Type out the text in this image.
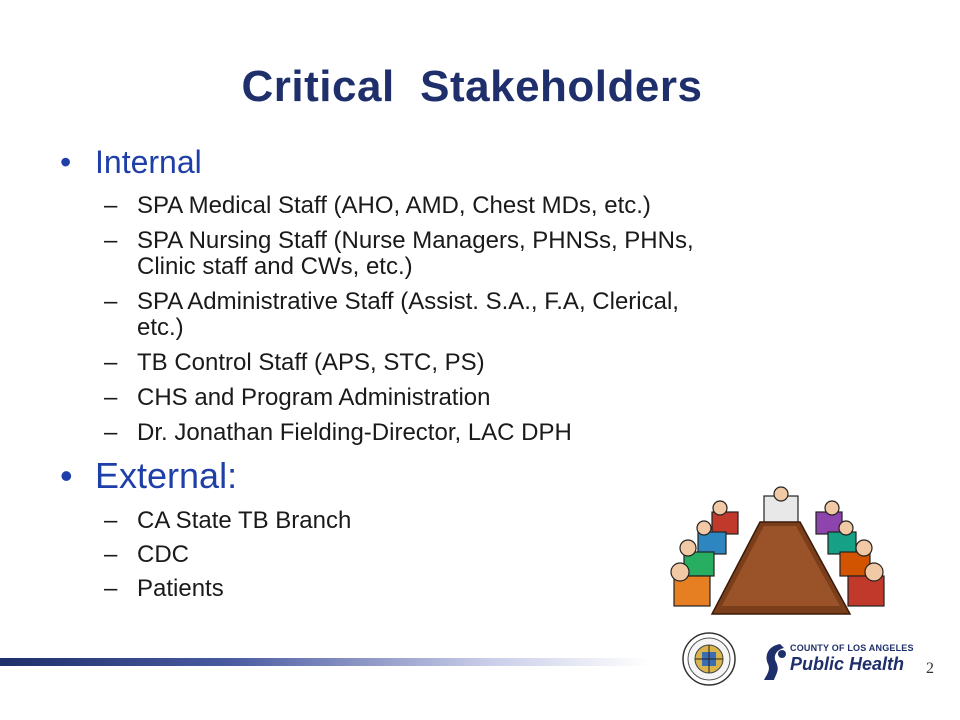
Critical  Stakeholders
• Internal
– SPA Medical Staff (AHO, AMD, Chest MDs, etc.)
– SPA Nursing Staff (Nurse Managers, PHNSs, PHNs,
Clinic staff and CWs, etc.)
– SPA Administrative Staff (Assist. S.A., F.A, Clerical,
etc.)
– TB Control Staff (APS, STC, PS)
– CHS and Program Administration
– Dr. Jonathan Fielding-Director, LAC DPH
• External:
– CA State TB Branch
– CDC
– Patients
COUNTY OF LOS ANGELES
Public Health 2
